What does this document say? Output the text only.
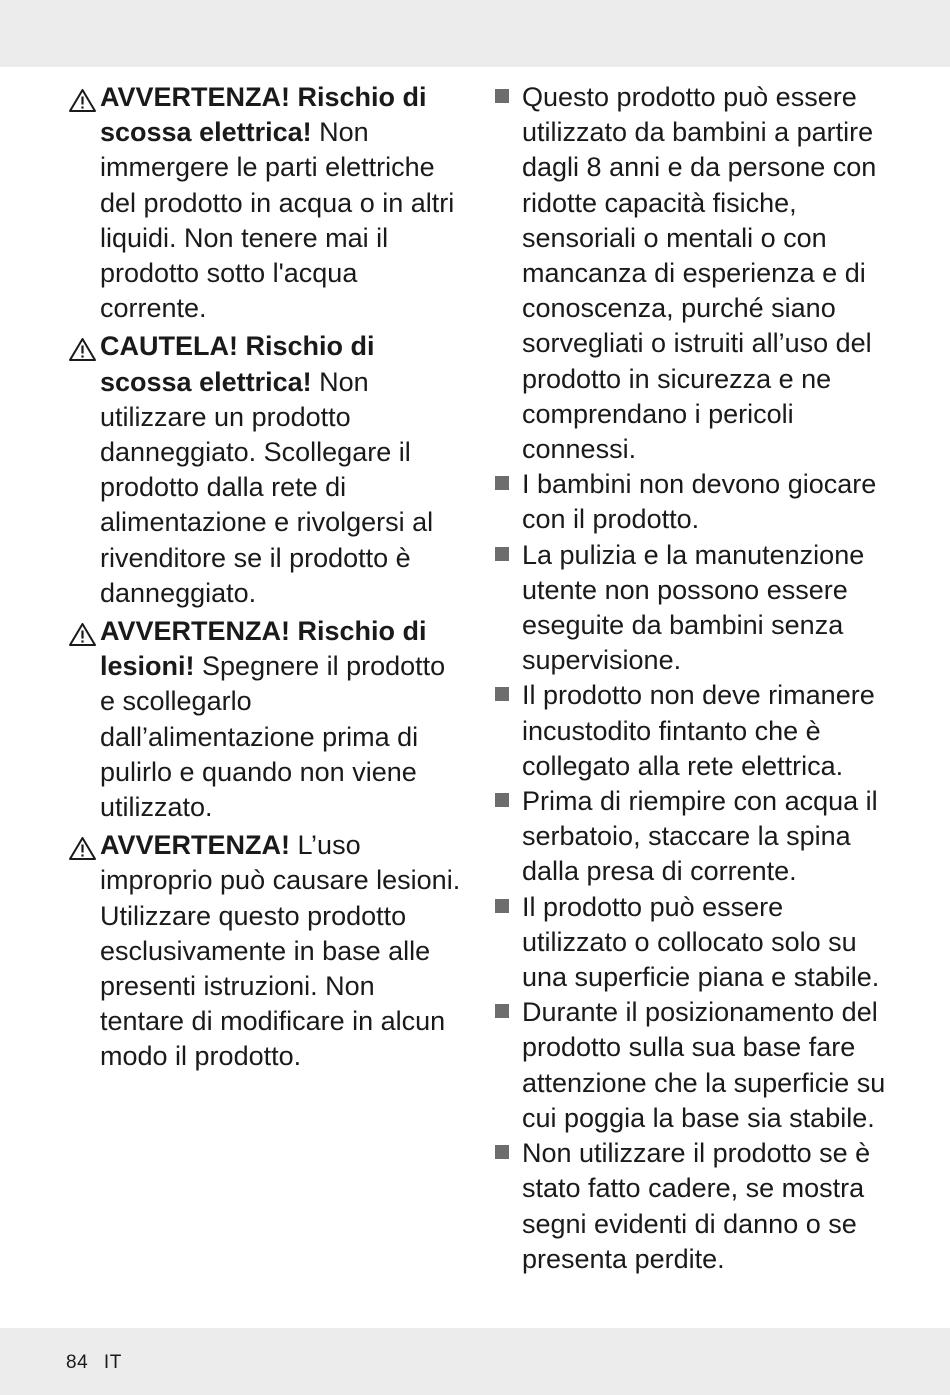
AVVERTENZA! Rischio di scossa elettrica! Non immergere le parti elettriche del prodotto in acqua o in altri liquidi. Non tenere mai il prodotto sotto l'acqua corrente.
CAUTELA! Rischio di scossa elettrica! Non utilizzare un prodotto danneggiato. Scollegare il prodotto dalla rete di alimentazione e rivolgersi al rivenditore se il prodotto è danneggiato.
AVVERTENZA! Rischio di lesioni! Spegnere il prodotto e scollegarlo dall’alimentazione prima di pulirlo e quando non viene utilizzato.
AVVERTENZA! L’uso improprio può causare lesioni. Utilizzare questo prodotto esclusivamente in base alle presenti istruzioni. Non tentare di modificare in alcun modo il prodotto.
Questo prodotto può essere utilizzato da bambini a partire dagli 8 anni e da persone con ridotte capacità fisiche, sensoriali o mentali o con mancanza di esperienza e di conoscenza, purché siano sorvegliati o istruiti all’uso del prodotto in sicurezza e ne comprendano i pericoli connessi.
I bambini non devono giocare con il prodotto.
La pulizia e la manutenzione utente non possono essere eseguite da bambini senza supervisione.
Il prodotto non deve rimanere incustodito fintanto che è collegato alla rete elettrica.
Prima di riempire con acqua il serbatoio, staccare la spina dalla presa di corrente.
Il prodotto può essere utilizzato o collocato solo su una superficie piana e stabile.
Durante il posizionamento del prodotto sulla sua base fare attenzione che la superficie su cui poggia la base sia stabile.
Non utilizzare il prodotto se è stato fatto cadere, se mostra segni evidenti di danno o se presenta perdite.
84 IT
